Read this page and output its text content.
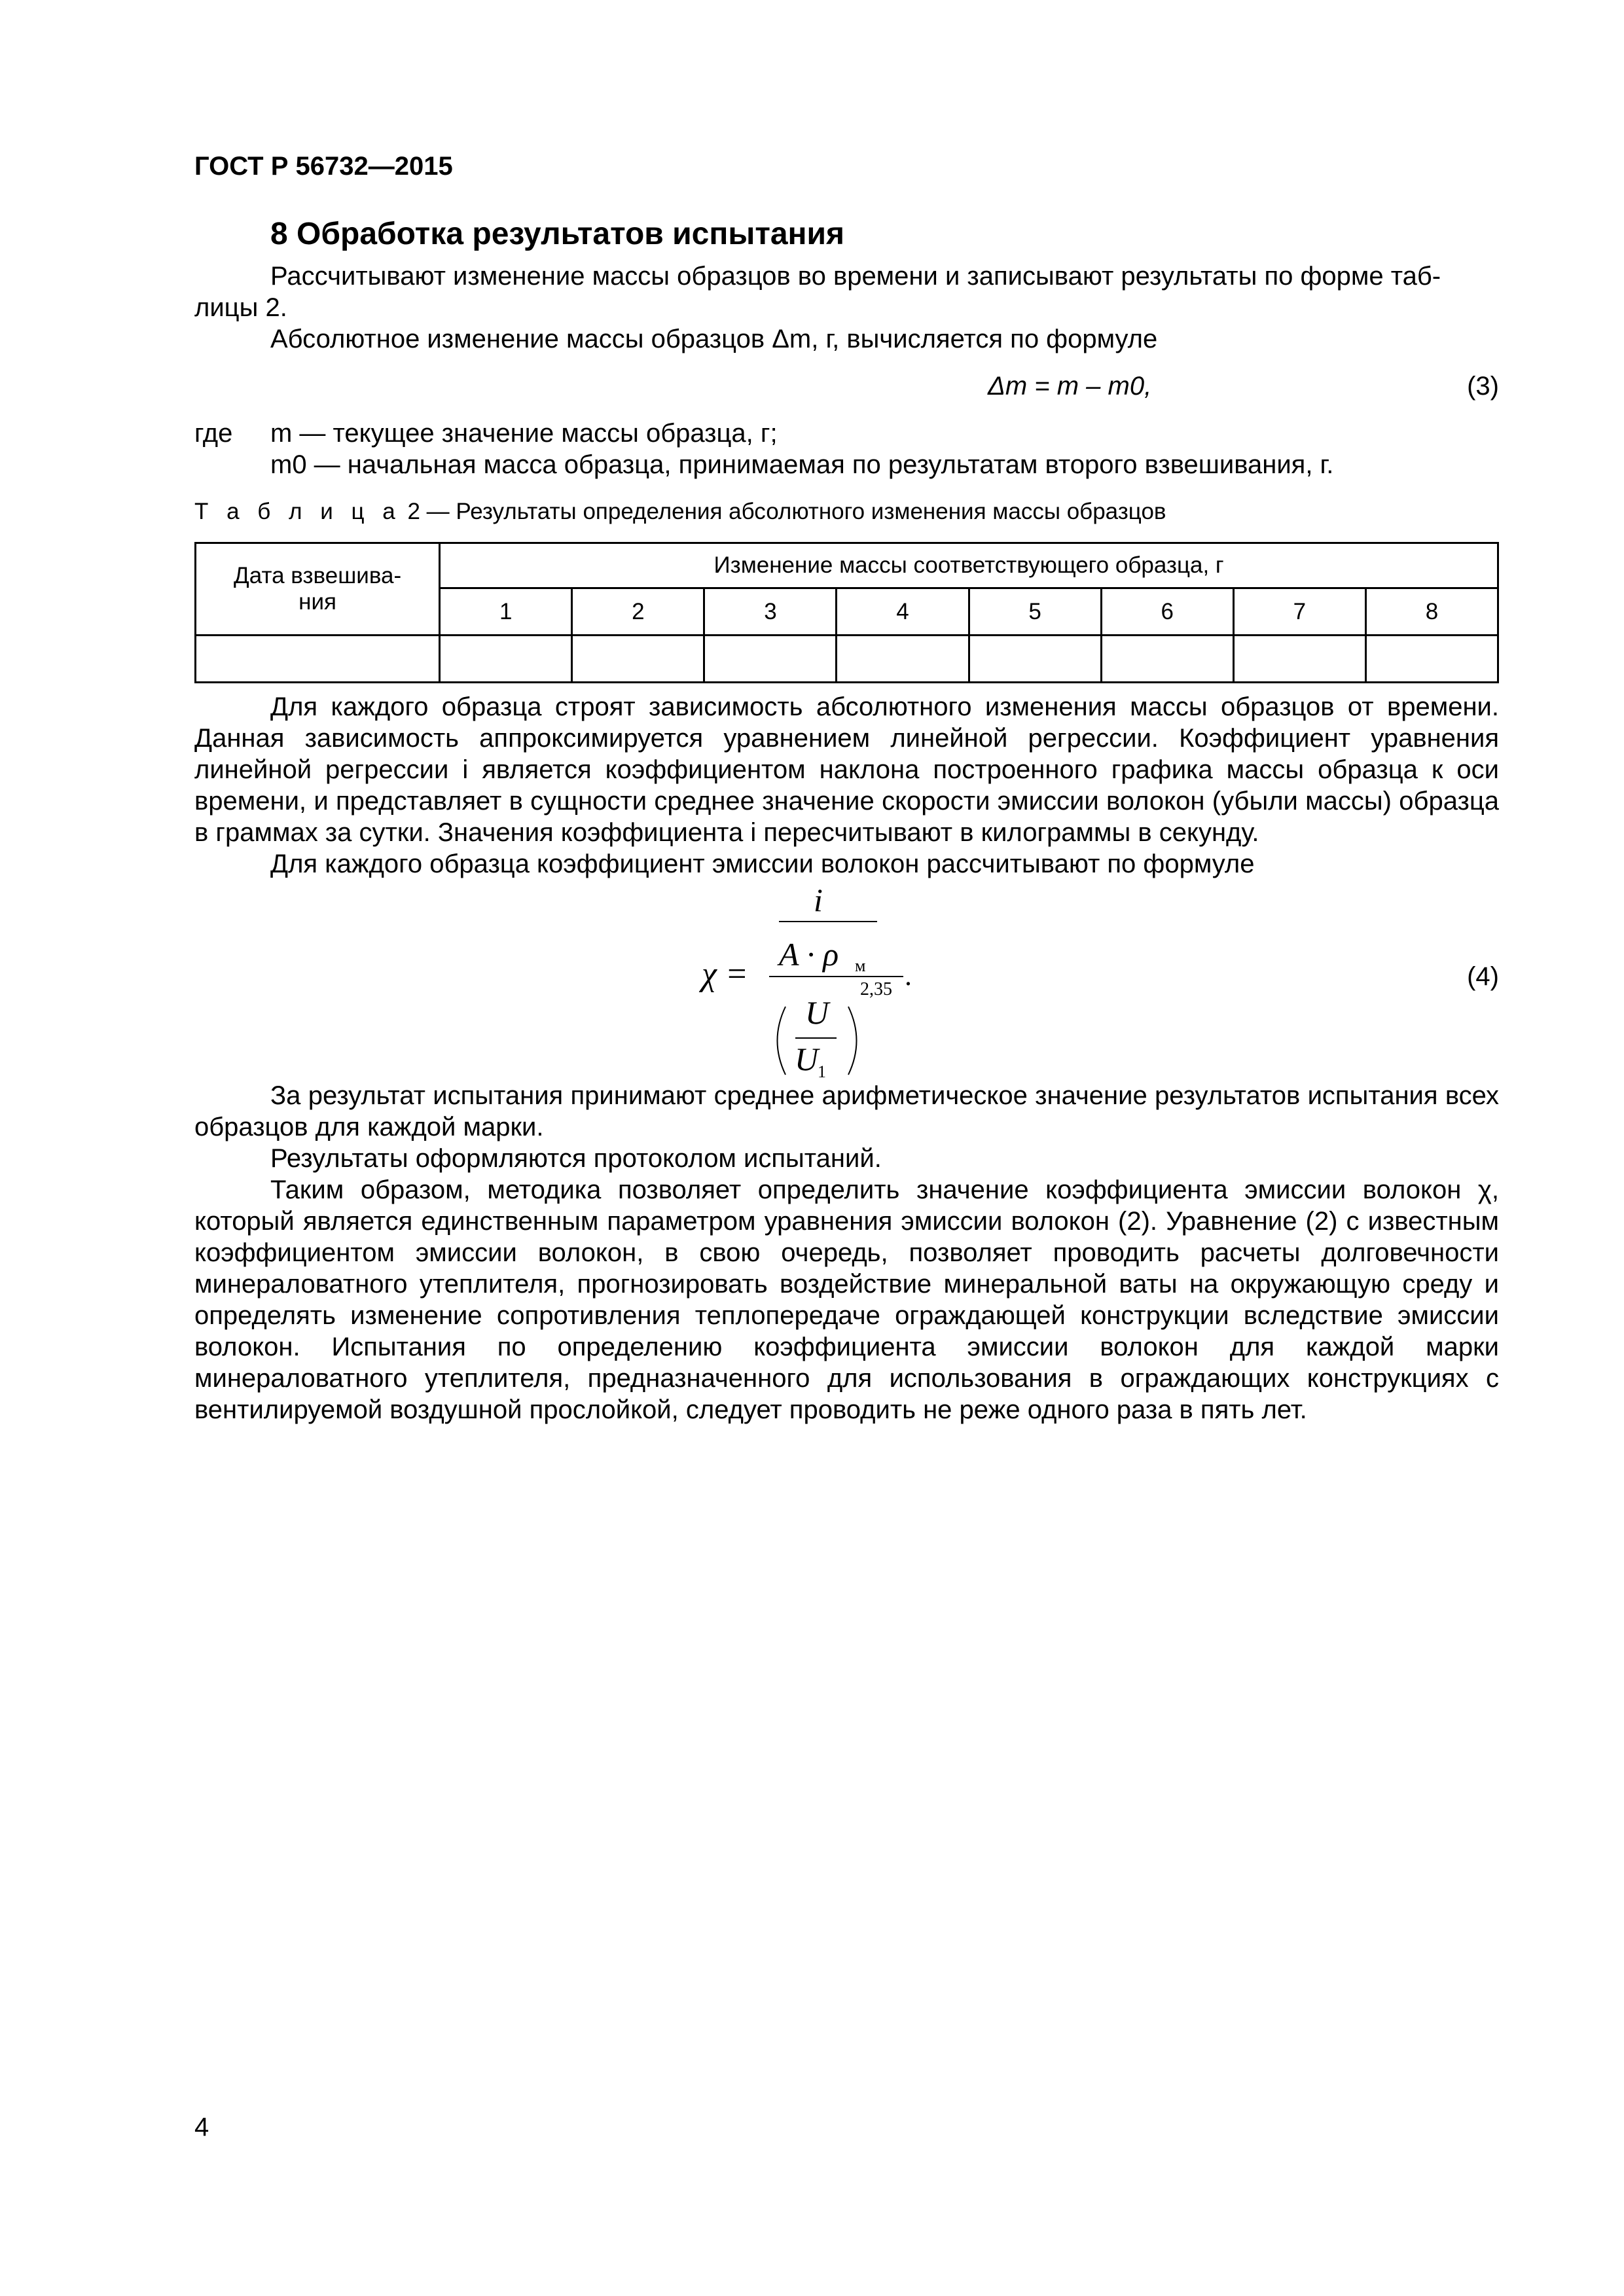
ГОСТ Р 56732—2015
8 Обработка результатов испытания
Рассчитывают изменение массы образцов во времени и записывают результаты по форме таб-
лицы 2.
Абсолютное изменение массы образцов Δm, г, вычисляется по формуле
Δm = m – m0,	(3)
где m — текущее значение массы образца, г;
m0 — начальная масса образца, принимаемая по результатам второго взвешивания, г.
Т а б л и ц а 2 — Результаты определения абсолютного изменения массы образцов
Дата взвешива-
ния	Изменение массы соответствующего образца, г							
	1	2	3	4	5	6	7	8

Для каждого образца строят зависимость абсолютного изменения массы образцов от времени. Данная зависимость аппроксимируется уравнением линейной регрессии. Коэффициент уравнения линейной регрессии i является коэффициентом наклона построенного графика массы образца к оси времени, и представляет в сущности среднее значение скорости эмиссии волокон (убыли массы) образца в граммах за сутки. Значения коэффициента i пересчитывают в килограммы в секунду.
Для каждого образца коэффициент эмиссии волокон рассчитывают по формуле
χ =
i
A · ρ м
U
U
1
2,35 .	(4)
За результат испытания принимают среднее арифметическое значение результатов испытания всех образцов для каждой марки.
Результаты оформляются протоколом испытаний.
Таким образом, методика позволяет определить значение коэффициента эмиссии волокон χ, который является единственным параметром уравнения эмиссии волокон (2). Уравнение (2) с известным коэффициентом эмиссии волокон, в свою очередь, позволяет проводить расчеты долговечности минераловатного утеплителя, прогнозировать воздействие минеральной ваты на окружающую среду и определять изменение сопротивления теплопередаче ограждающей конструкции вследствие эмиссии волокон. Испытания по определению коэффициента эмиссии волокон для каждой марки минераловатного утеплителя, предназначенного для использования в ограждающих конструкциях с вентилируемой воздушной прослойкой, следует проводить не реже одного раза в пять лет.
4
